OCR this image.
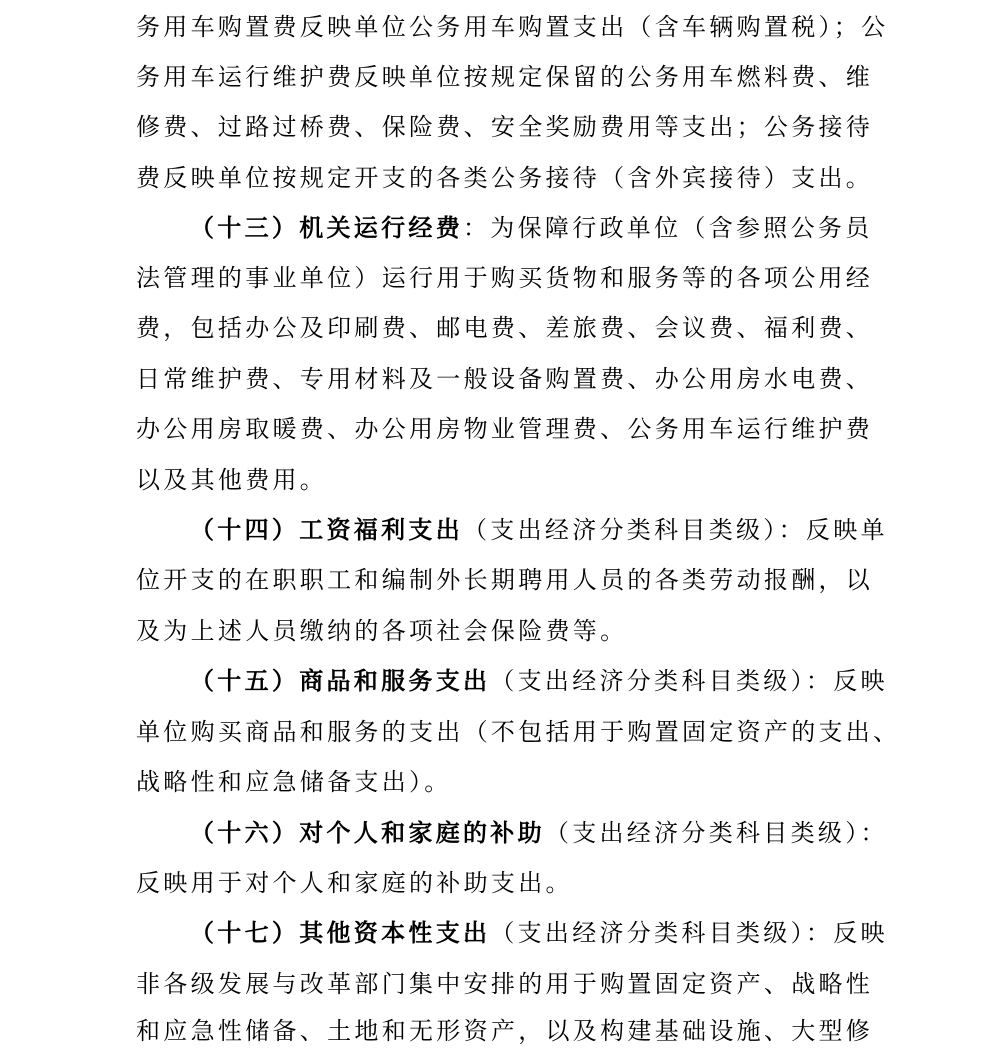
务用车购置费反映单位公务用车购置支出（含车辆购置税）；公
务用车运行维护费反映单位按规定保留的公务用车燃料费、维
修费、过路过桥费、保险费、安全奖励费用等支出；公务接待
费反映单位按规定开支的各类公务接待（含外宾接待）支出。
（十三）机关运行经费：为保障行政单位（含参照公务员
法管理的事业单位）运行用于购买货物和服务等的各项公用经
费，包括办公及印刷费、邮电费、差旅费、会议费、福利费、
日常维护费、专用材料及一般设备购置费、办公用房水电费、
办公用房取暖费、办公用房物业管理费、公务用车运行维护费
以及其他费用。
（十四）工资福利支出（支出经济分类科目类级）：反映单
位开支的在职职工和编制外长期聘用人员的各类劳动报酬，以
及为上述人员缴纳的各项社会保险费等。
（十五）商品和服务支出（支出经济分类科目类级）：反映
单位购买商品和服务的支出（不包括用于购置固定资产的支出、
战略性和应急储备支出）。
（十六）对个人和家庭的补助（支出经济分类科目类级）：
反映用于对个人和家庭的补助支出。
（十七）其他资本性支出（支出经济分类科目类级）：反映
非各级发展与改革部门集中安排的用于购置固定资产、战略性
和应急性储备、土地和无形资产，以及构建基础设施、大型修
